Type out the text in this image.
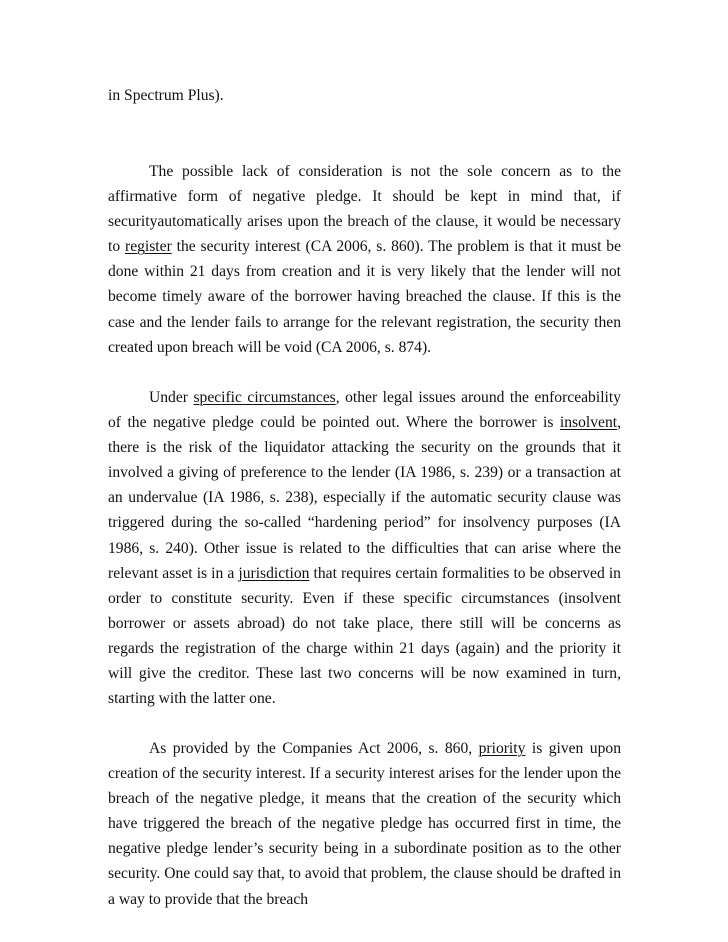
in Spectrum Plus).

The possible lack of consideration is not the sole concern as to the affirmative form of negative pledge. It should be kept in mind that, if securityautomatically arises upon the breach of the clause, it would be necessary to register the security interest (CA 2006, s. 860). The problem is that it must be done within 21 days from creation and it is very likely that the lender will not become timely aware of the borrower having breached the clause. If this is the case and the lender fails to arrange for the relevant registration, the security then created upon breach will be void (CA 2006, s. 874).

Under specific circumstances, other legal issues around the enforceability of the negative pledge could be pointed out. Where the borrower is insolvent, there is the risk of the liquidator attacking the security on the grounds that it involved a giving of preference to the lender (IA 1986, s. 239) or a transaction at an undervalue (IA 1986, s. 238), especially if the automatic security clause was triggered during the so-called “hardening period” for insolvency purposes (IA 1986, s. 240). Other issue is related to the difficulties that can arise where the relevant asset is in a jurisdiction that requires certain formalities to be observed in order to constitute security. Even if these specific circumstances (insolvent borrower or assets abroad) do not take place, there still will be concerns as regards the registration of the charge within 21 days (again) and the priority it will give the creditor. These last two concerns will be now examined in turn, starting with the latter one.

As provided by the Companies Act 2006, s. 860, priority is given upon creation of the security interest. If a security interest arises for the lender upon the breach of the negative pledge, it means that the creation of the security which have triggered the breach of the negative pledge has occurred first in time, the negative pledge lender’s security being in a subordinate position as to the other security. One could say that, to avoid that problem, the clause should be drafted in a way to provide that the breach
